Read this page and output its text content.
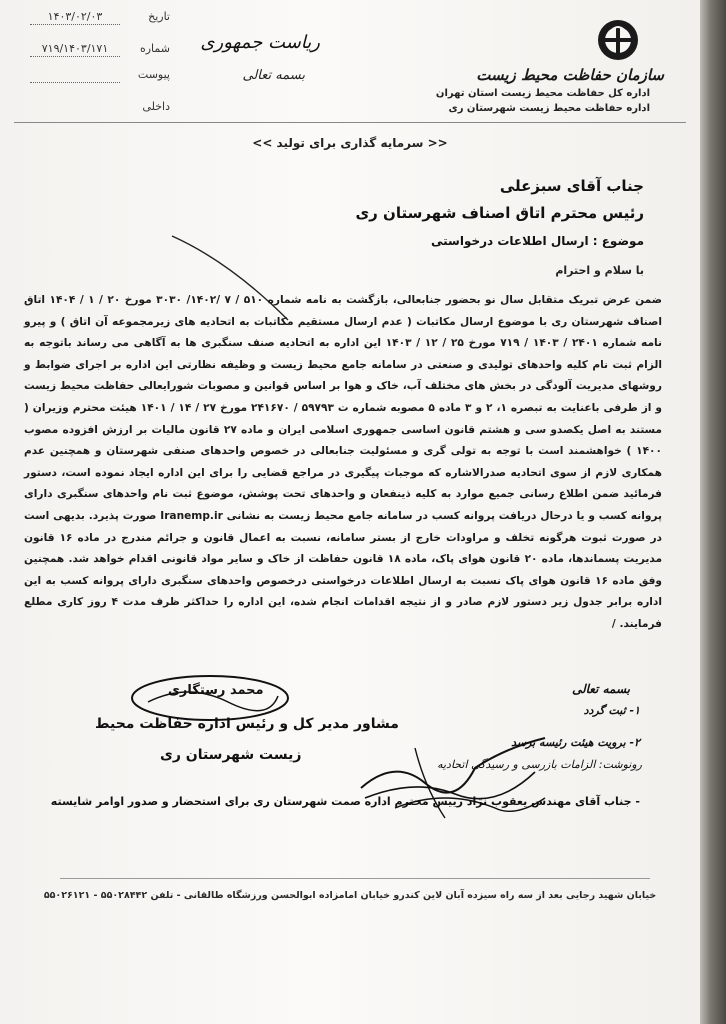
سازمان حفاظت محیط زیست
اداره کل حفاظت محیط زیست استان تهران
اداره حفاظت محیط زیست شهرستان ری
ریاست جمهوری
بسمه تعالی
تاریخ
۱۴۰۳/۰۲/۰۳
شماره
۷۱۹/۱۴۰۳/۱۷۱
پیوست
داخلی
<< سرمایه گذاری برای تولید >>
جناب آقای سبزعلی
رئیس محترم اتاق اصناف شهرستان ری
موضوع : ارسال اطلاعات درخواستی
با سلام و احترام
ضمن عرض تبریک متقابل سال نو بحضور جنابعالی، بازگشت به نامه شماره ۵۱۰ / ۷ /۱۴۰۲/ ۳۰۳۰ مورخ ۲۰ / ۱ / ۱۴۰۴ اتاق اصناف شهرستان ری با موضوع ارسال مکاتبات ( عدم ارسال مستقیم مکاتبات به اتحادیه های زیرمجموعه آن اتاق ) و پیرو نامه شماره ۲۴۰۱ / ۱۴۰۳ / ۷۱۹ مورخ ۲۵ / ۱۲ / ۱۴۰۳ این اداره به اتحادیه صنف سنگبری ها به آگاهی می رساند باتوجه به الزام ثبت نام کلیه واحدهای تولیدی و صنعتی در سامانه جامع محیط زیست و وظیفه نظارتی این اداره بر اجرای ضوابط و روشهای مدیریت آلودگی در بخش های مختلف آب، خاک و هوا بر اساس قوانین و مصوبات شورایعالی حفاظت محیط زیست و از طرفی باعنایت به تبصره ۱، ۲ و ۳ ماده ۵ مصوبه شماره ت ۵۹۷۹۳ / ۲۴۱۶۷۰ مورخ ۲۷ / ۱۴ / ۱۴۰۱ هیئت محترم وزیران ( مستند به اصل یکصدو سی و هشتم قانون اساسی جمهوری اسلامی ایران و ماده ۲۷ قانون مالیات بر ارزش افزوده مصوب ۱۴۰۰ ) خواهشمند است با توجه به تولی گری و مسئولیت جنابعالی در خصوص واحدهای صنفی شهرستان و همچنین عدم همکاری لازم از سوی اتحادیه صدرالاشاره که موجبات پیگیری در مراجع قضایی را برای این اداره ایجاد نموده است، دستور فرمائید ضمن اطلاع رسانی جمیع موارد به کلیه ذینفعان و واحدهای تحت پوشش، موضوع ثبت نام واحدهای سنگبری دارای پروانه کسب و یا درحال دریافت پروانه کسب در سامانه جامع محیط زیست به نشانی Iranemp.ir صورت پذیرد. بدیهی است در صورت ثبوت هرگونه تخلف و مراودات خارج از بستر سامانه، نسبت به اعمال قانون و جرائم مندرج در ماده ۱۶ قانون مدیریت پسماندها، ماده ۲۰ قانون هوای پاک، ماده ۱۸ قانون حفاظت از خاک و سایر مواد قانونی اقدام خواهد شد. همچنین وفق ماده ۱۶ قانون هوای پاک نسبت به ارسال اطلاعات درخواستی درخصوص واحدهای سنگبری دارای پروانه کسب به این اداره برابر جدول زیر دستور لازم صادر و از نتیجه اقدامات انجام شده، این اداره را حداکثر ظرف مدت ۴ روز کاری مطلع فرمایند. /
بسمه تعالی
۱- ثبت گردد
۲- برویت هیئت رئیسه برسد
رونوشت: الزامات بازرسی و رسیدگی اتحادیه
محمد رستگاری
مشاور مدیر کل و رئیس اداره حفاظت محیط
زیست شهرستان ری
- جناب آقای مهندس یعقوب نژاد رییس محترم اداره صمت شهرستان ری برای استحضار و صدور اوامر شایسته
خیابان شهید رجایی بعد از سه راه سیزده آبان لاین کندرو خیابان امامزاده ابوالحسن ورزشگاه طالقانی - تلفن ۵۵۰۲۸۴۴۲ - ۵۵۰۲۶۱۲۱
